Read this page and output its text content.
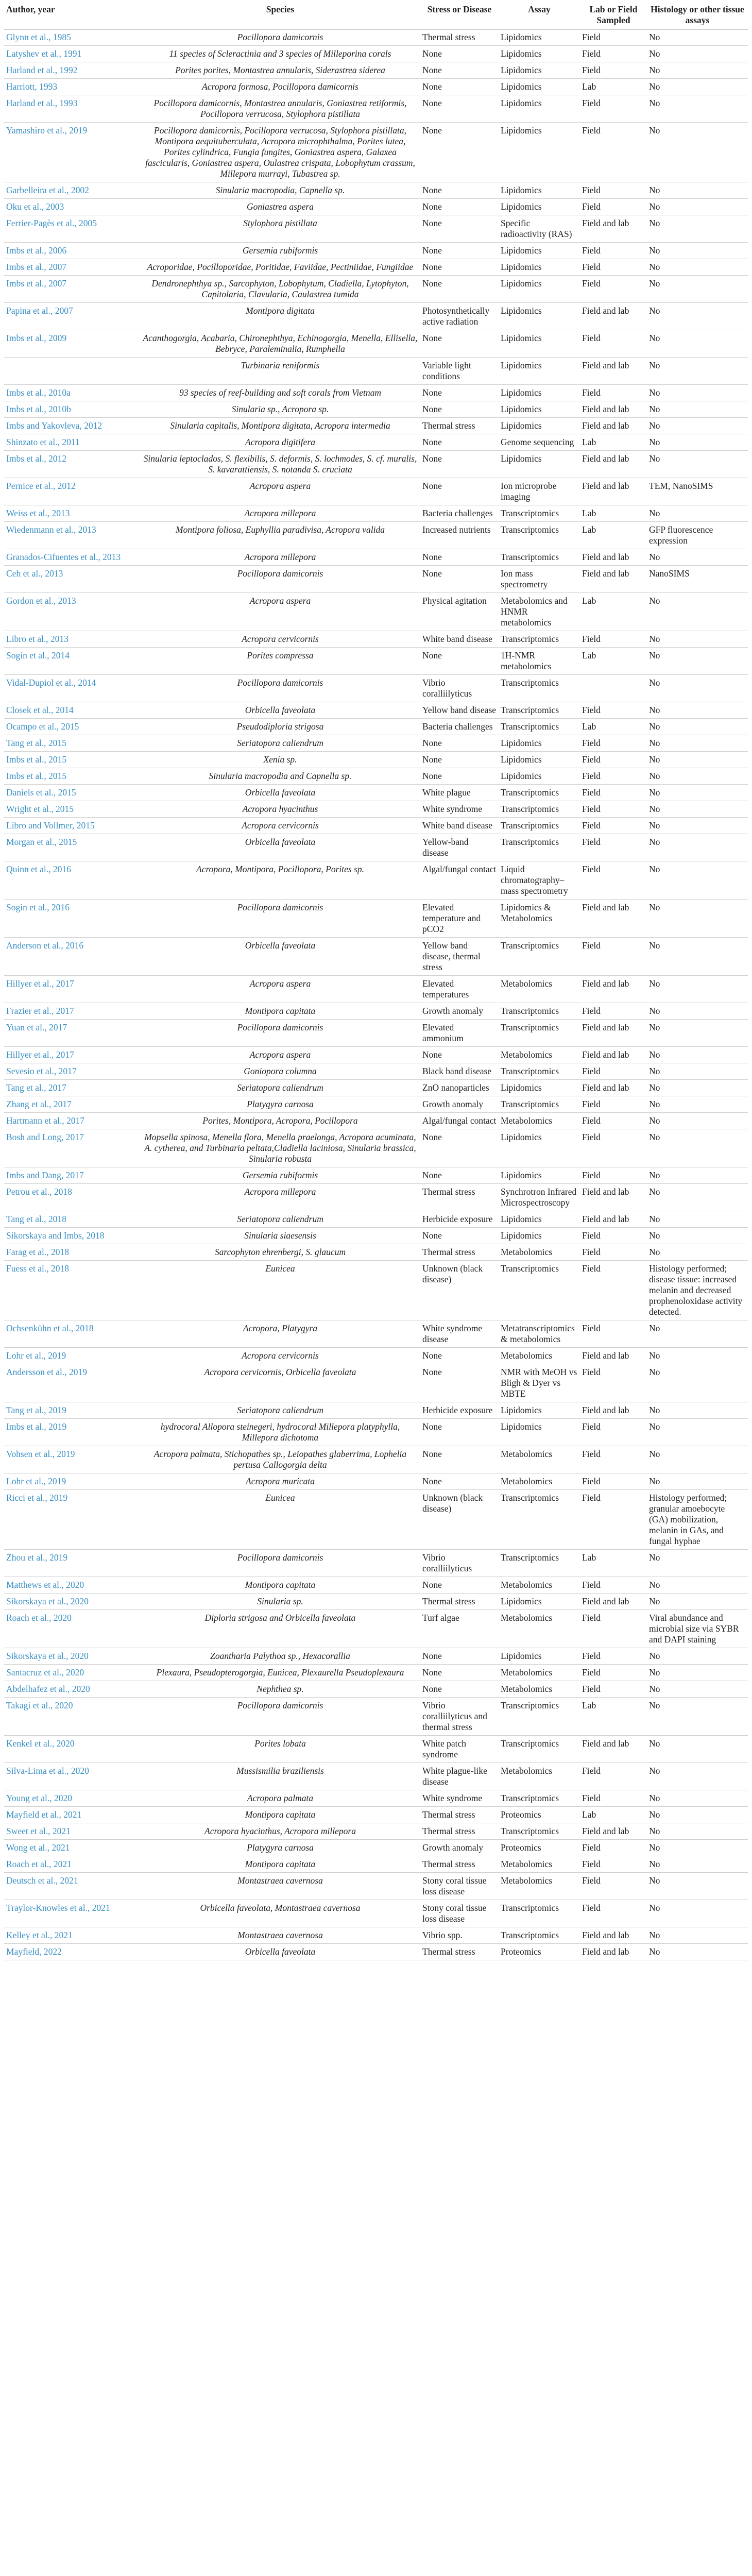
Author, year	Species	Stress or Disease	Assay	Lab or Field Sampled	Histology or other tissue assays
Glynn et al., 1985	Pocillopora damicornis	Thermal stress	Lipidomics	Field	No
Latyshev et al., 1991	11 species of Scleractinia and 3 species of Milleporina corals	None	Lipidomics	Field	No
Harland et al., 1992	Porites porites, Montastrea annularis, Siderastrea siderea	None	Lipidomics	Field	No
Harriott, 1993	Acropora formosa, Pocillopora damicornis	None	Lipidomics	Lab	No
Harland et al., 1993	Pocillopora damicornis, Montastrea annularis, Goniastrea retiformis, Pocillopora verrucosa, Stylophora pistillata	None	Lipidomics	Field	No
Yamashiro et al., 2019	Pocillopora damicornis, Pocillopora verrucosa, Stylophora pistillata, Montipora aequituberculata, Acropora microphthalma, Porites lutea, Porites cylindrica, Fungia fungites, Goniastrea aspera, Galaxea fascicularis, Goniastrea aspera, Oulastrea crispata, Lobophytum crassum, Millepora murrayi, Tubastrea sp.	None	Lipidomics	Field	No
Garbelleira et al., 2002	Sinularia macropodia, Capnella sp.	None	Lipidomics	Field	No
Oku et al., 2003	Goniastrea aspera	None	Lipidomics	Field	No
Ferrier-Pagès et al., 2005	Stylophora pistillata	None	Specific radioactivity (RAS)	Field and lab	No
Imbs et al., 2006	Gersemia rubiformis	None	Lipidomics	Field	No
Imbs et al., 2007	Acroporidae, Pocilloporidae, Poritidae, Faviidae, Pectiniidae, Fungiidae	None	Lipidomics	Field	No
Imbs et al., 2007	Dendronephthya sp., Sarcophyton, Lobophytum, Cladiella, Lytophyton, Capitolaria, Clavularia, Caulastrea tumida	None	Lipidomics	Field	No
Papina et al., 2007	Montipora digitata	Photosynthetically active radiation	Lipidomics	Field and lab	No
Imbs et al., 2009	Acanthogorgia, Acabaria, Chironephthya, Echinogorgia, Menella, Ellisella, Bebryce, Paraleminalia, Rumphella	None	Lipidomics	Field	No
	Turbinaria reniformis	Variable light conditions	Lipidomics	Field and lab	No
Imbs et al., 2010a	93 species of reef-building and soft corals from Vietnam	None	Lipidomics	Field	No
Imbs et al., 2010b	Sinularia sp., Acropora sp.	None	Lipidomics	Field and lab	No
Imbs and Yakovleva, 2012	Sinularia capitalis, Montipora digitata, Acropora intermedia	Thermal stress	Lipidomics	Field and lab	No
Shinzato et al., 2011	Acropora digitifera	None	Genome sequencing	Lab	No
Imbs et al., 2012	Sinularia leptoclados, S. flexibilis, S. deformis, S. lochmodes, S. cf. muralis, S. kavarattiensis, S. notanda S. cruciata	None	Lipidomics	Field and lab	No
Pernice et al., 2012	Acropora aspera	None	Ion microprobe imaging	Field and lab	TEM, NanoSIMS
Weiss et al., 2013	Acropora millepora	Bacteria challenges	Transcriptomics	Lab	No
Wiedenmann et al., 2013	Montipora foliosa, Euphyllia paradivisa, Acropora valida	Increased nutrients	Transcriptomics	Lab	GFP fluorescence expression
Granados-Cifuentes et al., 2013	Acropora millepora	None	Transcriptomics	Field and lab	No
Ceh et al., 2013	Pocillopora damicornis	None	Ion mass spectrometry	Field and lab	NanoSIMS
Gordon et al., 2013	Acropora aspera	Physical agitation	Metabolomics and HNMR metabolomics	Lab	No
Libro et al., 2013	Acropora cervicornis	White band disease	Transcriptomics	Field	No
Sogin et al., 2014	Porites compressa	None	1H-NMR metabolomics	Lab	No
Vidal-Dupiol et al., 2014	Pocillopora damicornis	Vibrio coralliilyticus	Transcriptomics		No
Closek et al., 2014	Orbicella faveolata	Yellow band disease	Transcriptomics	Field	No
Ocampo et al., 2015	Pseudodiploria strigosa	Bacteria challenges	Transcriptomics	Lab	No
Tang et al., 2015	Seriatopora caliendrum	None	Lipidomics	Field	No
Imbs et al., 2015	Xenia sp.	None	Lipidomics	Field	No
Imbs et al., 2015	Sinularia macropodia and Capnella sp.	None	Lipidomics	Field	No
Daniels et al., 2015	Orbicella faveolata	White plague	Transcriptomics	Field	No
Wright et al., 2015	Acropora hyacinthus	White syndrome	Transcriptomics	Field	No
Libro and Vollmer, 2015	Acropora cervicornis	White band disease	Transcriptomics	Field	No
Morgan et al., 2015	Orbicella faveolata	Yellow-band disease	Transcriptomics	Field	No
Quinn et al., 2016	Acropora, Montipora, Pocillopora, Porites sp.	Algal/fungal contact	Liquid chromatography–mass spectrometry	Field	No
Sogin et al., 2016	Pocillopora damicornis	Elevated temperature and pCO2	Lipidomics & Metabolomics	Field and lab	No
Anderson et al., 2016	Orbicella faveolata	Yellow band disease, thermal stress	Transcriptomics	Field	No
Hillyer et al., 2017	Acropora aspera	Elevated temperatures	Metabolomics	Field and lab	No
Frazier et al., 2017	Montipora capitata	Growth anomaly	Transcriptomics	Field	No
Yuan et al., 2017	Pocillopora damicornis	Elevated ammonium	Transcriptomics	Field and lab	No
Hillyer et al., 2017	Acropora aspera	None	Metabolomics	Field and lab	No
Sevesio et al., 2017	Goniopora columna	Black band disease	Transcriptomics	Field	No
Tang et al., 2017	Seriatopora caliendrum	ZnO nanoparticles	Lipidomics	Field and lab	No
Zhang et al., 2017	Platygyra carnosa	Growth anomaly	Transcriptomics	Field	No
Hartmann et al., 2017	Porites, Montipora, Acropora, Pocillopora	Algal/fungal contact	Metabolomics	Field	No
Bosh and Long, 2017	Mopsella spinosa, Menella flora, Menella praelonga, Acropora acuminata, A. cytherea, and Turbinaria peltata,Cladiella laciniosa, Sinularia brassica, Sinularia robusta	None	Lipidomics	Field	No
Imbs and Dang, 2017	Gersemia rubiformis	None	Lipidomics	Field	No
Petrou et al., 2018	Acropora millepora	Thermal stress	Synchrotron Infrared Microspectroscopy	Field and lab	No
Tang et al., 2018	Seriatopora caliendrum	Herbicide exposure	Lipidomics	Field and lab	No
Sikorskaya and Imbs, 2018	Sinularia siaesensis	None	Lipidomics	Field	No
Farag et al., 2018	Sarcophyton ehrenbergi, S. glaucum	Thermal stress	Metabolomics	Field	No
Fuess et al., 2018	Eunicea	Unknown (black disease)	Transcriptomics	Field	Histology performed; disease tissue: increased melanin and decreased prophenoloxidase activity detected.
Ochsenkühn et al., 2018	Acropora, Platygyra	White syndrome disease	Metatranscriptomics & metabolomics	Field	No
Lohr et al., 2019	Acropora cervicornis	None	Metabolomics	Field and lab	No
Andersson et al., 2019	Acropora cervicornis, Orbicella faveolata	None	NMR with MeOH vs Bligh & Dyer vs MBTE	Field	No
Tang et al., 2019	Seriatopora caliendrum	Herbicide exposure	Lipidomics	Field and lab	No
Imbs et al., 2019	hydrocoral Allopora steinegeri, hydrocoral Millepora platyphylla, Millepora dichotoma	None	Lipidomics	Field	No
Vohsen et al., 2019	Acropora palmata, Stichopathes sp., Leiopathes glaberrima, Lophelia pertusa Callogorgia delta	None	Metabolomics	Field	No
Lohr et al., 2019	Acropora muricata	None	Metabolomics	Field	No
Ricci et al., 2019	Eunicea	Unknown (black disease)	Transcriptomics	Field	Histology performed; granular amoebocyte (GA) mobilization, melanin in GAs, and fungal hyphae
Zhou et al., 2019	Pocillopora damicornis	Vibrio coralliilyticus	Transcriptomics	Lab	No
Matthews et al., 2020	Montipora capitata	None	Metabolomics	Field	No
Sikorskaya et al., 2020	Sinularia sp.	Thermal stress	Lipidomics	Field and lab	No
Roach et al., 2020	Diploria strigosa and Orbicella faveolata	Turf algae	Metabolomics	Field	Viral abundance and microbial size via SYBR and DAPI staining
Sikorskaya et al., 2020	Zoantharia Palythoa sp., Hexacorallia	None	Lipidomics	Field	No
Santacruz et al., 2020	Plexaura, Pseudopterogorgia, Eunicea, Plexaurella Pseudoplexaura	None	Metabolomics	Field	No
Abdelhafez et al., 2020	Nephthea sp.	None	Metabolomics	Field	No
Takagi et al., 2020	Pocillopora damicornis	Vibrio coralliilyticus and thermal stress	Transcriptomics	Lab	No
Kenkel et al., 2020	Porites lobata	White patch syndrome	Transcriptomics	Field and lab	No
Silva-Lima et al., 2020	Mussismilia braziliensis	White plague-like disease	Metabolomics	Field	No
Young et al., 2020	Acropora palmata	White syndrome	Transcriptomics	Field	No
Mayfield et al., 2021	Montipora capitata	Thermal stress	Proteomics	Lab	No
Sweet et al., 2021	Acropora hyacinthus, Acropora millepora	Thermal stress	Transcriptomics	Field and lab	No
Wong et al., 2021	Platygyra carnosa	Growth anomaly	Proteomics	Field	No
Roach et al., 2021	Montipora capitata	Thermal stress	Metabolomics	Field	No
Deutsch et al., 2021	Montastraea cavernosa	Stony coral tissue loss disease	Metabolomics	Field	No
Traylor-Knowles et al., 2021	Orbicella faveolata, Montastraea cavernosa	Stony coral tissue loss disease	Transcriptomics	Field	No
Kelley et al., 2021	Montastraea cavernosa	Vibrio spp.	Transcriptomics	Field and lab	No
Mayfield, 2022	Orbicella faveolata	Thermal stress	Proteomics	Field and lab	No
